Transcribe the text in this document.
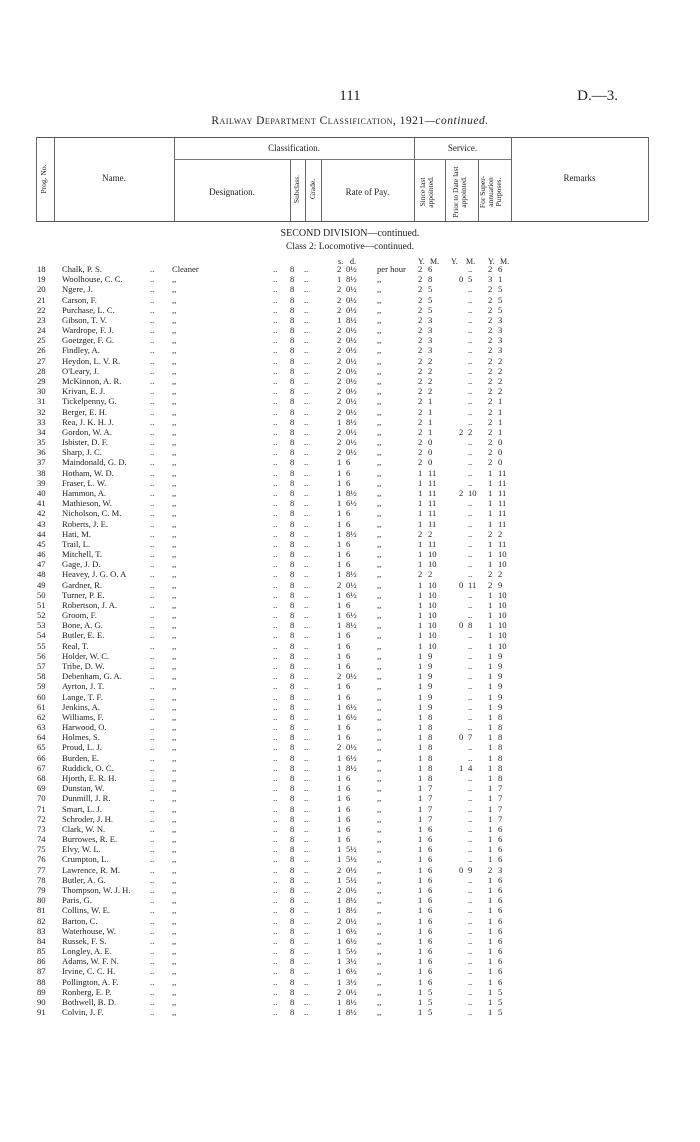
111	D.—3.
Railway Department Classification, 1921—continued.
Prog. No.	Name.
Classification.	Service.
Designation.	Subclass. Grade.	Rate of Pay.	Since last appointed. Prior to Date last appointed. For Super-annuation Purposes.	Remarks
SECOND DIVISION—continued.
Class 2: Locomotive—continued.
s. d.	Y. M. Y. M. Y. M.
18 Chalk, P. S.	.. Cleaner	.. 8 ..	2 0½ per hour 2 6	.. 2 6
19 Woolhouse, C. C.	.. ,,	.. 8 ..	1 8½ ,,	2 8	0 5 3 1
20 Ngere, J.	.. ,,	.. 8 ..	2 0½ ,,	2 5	.. 2 5
21 Carson, F.	.. ,,	.. 8 ..	2 0½ ,,	2 5	.. 2 5
22 Purchase, L. C.	.. ,,	.. 8 ..	2 0½ ,,	2 5	.. 2 5
23 Gibson, T. V.	.. ,,	.. 8 ..	1 8½ ,,	2 3	.. 2 3
24 Wardrope, F. J.	.. ,,	.. 8 ..	2 0½ ,,	2 3	.. 2 3
25 Goetzger, F. G.	.. ,,	.. 8 ..	2 0½ ,,	2 3	.. 2 3
26 Findley, A.	.. ,,	.. 8 ..	2 0½ ,,	2 3	.. 2 3
27 Heydon, L. V. R.	.. ,,	.. 8 ..	2 0½ ,,	2 2	.. 2 2
28 O'Leary, J.	.. ,,	.. 8 ..	2 0½ ,,	2 2	.. 2 2
29 McKinnon, A. R.	.. ,,	.. 8 ..	2 0½ ,,	2 2	.. 2 2
30 Krivan, E. J.	.. ,,	.. 8 ..	2 0½ ,,	2 2	.. 2 2
31 Tickelpenny, G.	.. ,,	.. 8 ..	2 0½ ,,	2 1	.. 2 1
32 Berger, E. H.	.. ,,	.. 8 ..	2 0½ ,,	2 1	.. 2 1
33 Rea, J. K. H. J.	.. ,,	.. 8 ..	1 8½ ,,	2 1	.. 2 1
34 Gordon, W. A.	.. ,,	.. 8 ..	2 0½ ,,	2 1	2 2 2 1
35 Isbister, D. F.	.. ,,	.. 8 ..	2 0½ ,,	2 0	.. 2 0
36 Sharp, J. C.	.. ,,	.. 8 ..	2 0½ ,,	2 0	.. 2 0
37 Maindonald, G. D.	.. ,,	.. 8 ..	1 6	,,	2 0	.. 2 0
38 Hotham, W. D.	.. ,,	.. 8 ..	1 6	,,	1 11	.. 1 11
39 Fraser, L. W.	.. ,,	.. 8 ..	1 6	,,	1 11	.. 1 11
40 Hammon, A.	.. ,,	.. 8 ..	1 8½ ,,	1 11	2 10 1 11
41 Mathieson, W.	.. ,,	.. 8 ..	1 6½ ,,	1 11	.. 1 11
42 Nicholson, C. M.	.. ,,	.. 8 ..	1 6	,,	1 11	.. 1 11
43 Roberts, J. E.	.. ,,	.. 8 ..	1 6	,,	1 11	.. 1 11
44 Hati, M.	.. ,,	.. 8 ..	1 8½ ,,	2 2	.. 2 2
45 Trail, L.	.. ,,	.. 8 ..	1 6	,,	1 11	.. 1 11
46 Mitchell, T.	.. ,,	.. 8 ..	1 6	,,	1 10	.. 1 10
47 Gage, J. D.	.. ,,	.. 8 ..	1 6	,,	1 10	.. 1 10
48 Heavey, J. G. O. A	.. ,,	.. 8 ..	1 8½ ,,	2 2	.. 2 2
49 Gardner, R.	.. ,,	.. 8 ..	2 0½ ,,	1 10	0 11 2 9
50 Turner, P. E.	.. ,,	.. 8 ..	1 6½ ,,	1 10	.. 1 10
51 Robertson, J. A.	.. ,,	.. 8 ..	1 6	,,	1 10	.. 1 10
52 Groom, F.	.. ,,	.. 8 ..	1 6½ ,,	1 10	.. 1 10
53 Bone, A. G.	.. ,,	.. 8 ..	1 8½ ,,	1 10	0 8 1 10
54 Butler, E. E.	.. ,,	.. 8 ..	1 6	,,	1 10	.. 1 10
55 Real, T.	.. ,,	.. 8 ..	1 6	,,	1 10	.. 1 10
56 Holder, W. C.	.. ,,	.. 8 ..	1 6	,,	1 9	.. 1 9
57 Tribe, D. W.	.. ,,	.. 8 ..	1 6	,,	1 9	.. 1 9
58 Debenham, G. A.	.. ,,	.. 8 ..	2 0½ ,,	1 9	.. 1 9
59 Ayrton, J. T.	.. ,,	.. 8 ..	1 6	,,	1 9	.. 1 9
60 Lange, T. F.	.. ,,	.. 8 ..	1 6	,,	1 9	.. 1 9
61 Jenkins, A.	.. ,,	.. 8 ..	1 6½ ,,	1 9	.. 1 9
62 Williams, F.	.. ,,	.. 8 ..	1 6½ ,,	1 8	.. 1 8
63 Harwood, O.	.. ,,	.. 8 ..	1 6	,,	1 8	.. 1 8
64 Holmes, S.	.. ,,	.. 8 ..	1 6	,,	1 8	0 7 1 8
65 Proud, L. J.	.. ,,	.. 8 ..	2 0½ ,,	1 8	.. 1 8
66 Burden, E.	.. ,,	.. 8 ..	1 6½ ,,	1 8	.. 1 8
67 Ruddick, O. C.	.. ,,	.. 8 ..	1 8½ ,,	1 8	1 4 1 8
68 Hjorth, E. R. H.	.. ,,	.. 8 ..	1 6	,,	1 8	.. 1 8
69 Dunstan, W.	.. ,,	.. 8 ..	1 6	,,	1 7	.. 1 7
70 Dunmill, J. R.	.. ,,	.. 8 ..	1 6	,,	1 7	.. 1 7
71 Smart, L. J.	.. ,,	.. 8 ..	1 6	,,	1 7	.. 1 7
72 Schroder, J. H.	.. ,,	.. 8 ..	1 6	,,	1 7	.. 1 7
73 Clark, W. N.	.. ,,	.. 8 ..	1 6	,,	1 6	.. 1 6
74 Burrowes, R. E.	.. ,,	.. 8 ..	1 6	,,	1 6	.. 1 6
75 Elvy, W. L.	.. ,,	.. 8 ..	1 5½ ,,	1 6	.. 1 6
76 Crumpton, L.	.. ,,	.. 8 ..	1 5½ ,,	1 6	.. 1 6
77 Lawrence, R. M.	.. ,,	.. 8 ..	2 0½ ,,	1 6	0 9 2 3
78 Butler, A. G.	.. ,,	.. 8 ..	1 5½ ,,	1 6	.. 1 6
79 Thompson, W. J. H. .. ,,	.. 8 ..	2 0½ ,,	1 6	.. 1 6
80 Paris, G.	.. ,,	.. 8 ..	1 8½ ,,	1 6	.. 1 6
81 Collins, W. E.	.. ,,	.. 8 ..	1 8½ ,,	1 6	.. 1 6
82 Barton, C.	.. ,,	.. 8 ..	2 0½ ,,	1 6	.. 1 6
83 Waterhouse, W.	.. ,,	.. 8 ..	1 6½ ,,	1 6	.. 1 6
84 Russek, F. S.	.. ,,	.. 8 ..	1 6½ ,,	1 6	.. 1 6
85 Longley, A. E.	.. ,,	.. 8 ..	1 5½ ,,	1 6	.. 1 6
86 Adams, W. F. N.	.. ,,	.. 8 ..	1 3½ ,,	1 6	.. 1 6
87 Irvine, C. C. H.	.. ,,	.. 8 ..	1 6½ ,,	1 6	.. 1 6
88 Pollington, A. F.	.. ,,	.. 8 ..	1 3½ ,,	1 6	.. 1 6
89 Ronberg, E. P.	.. ,,	.. 8 ..	2 0½ ,,	1 5	.. 1 5
90 Bothwell, B. D.	.. ,,	.. 8 ..	1 8½ ,,	1 5	.. 1 5
91 Colvin, J. F.	.. ,,	.. 8 ..	1 8½ ,,	1 5	.. 1 5
